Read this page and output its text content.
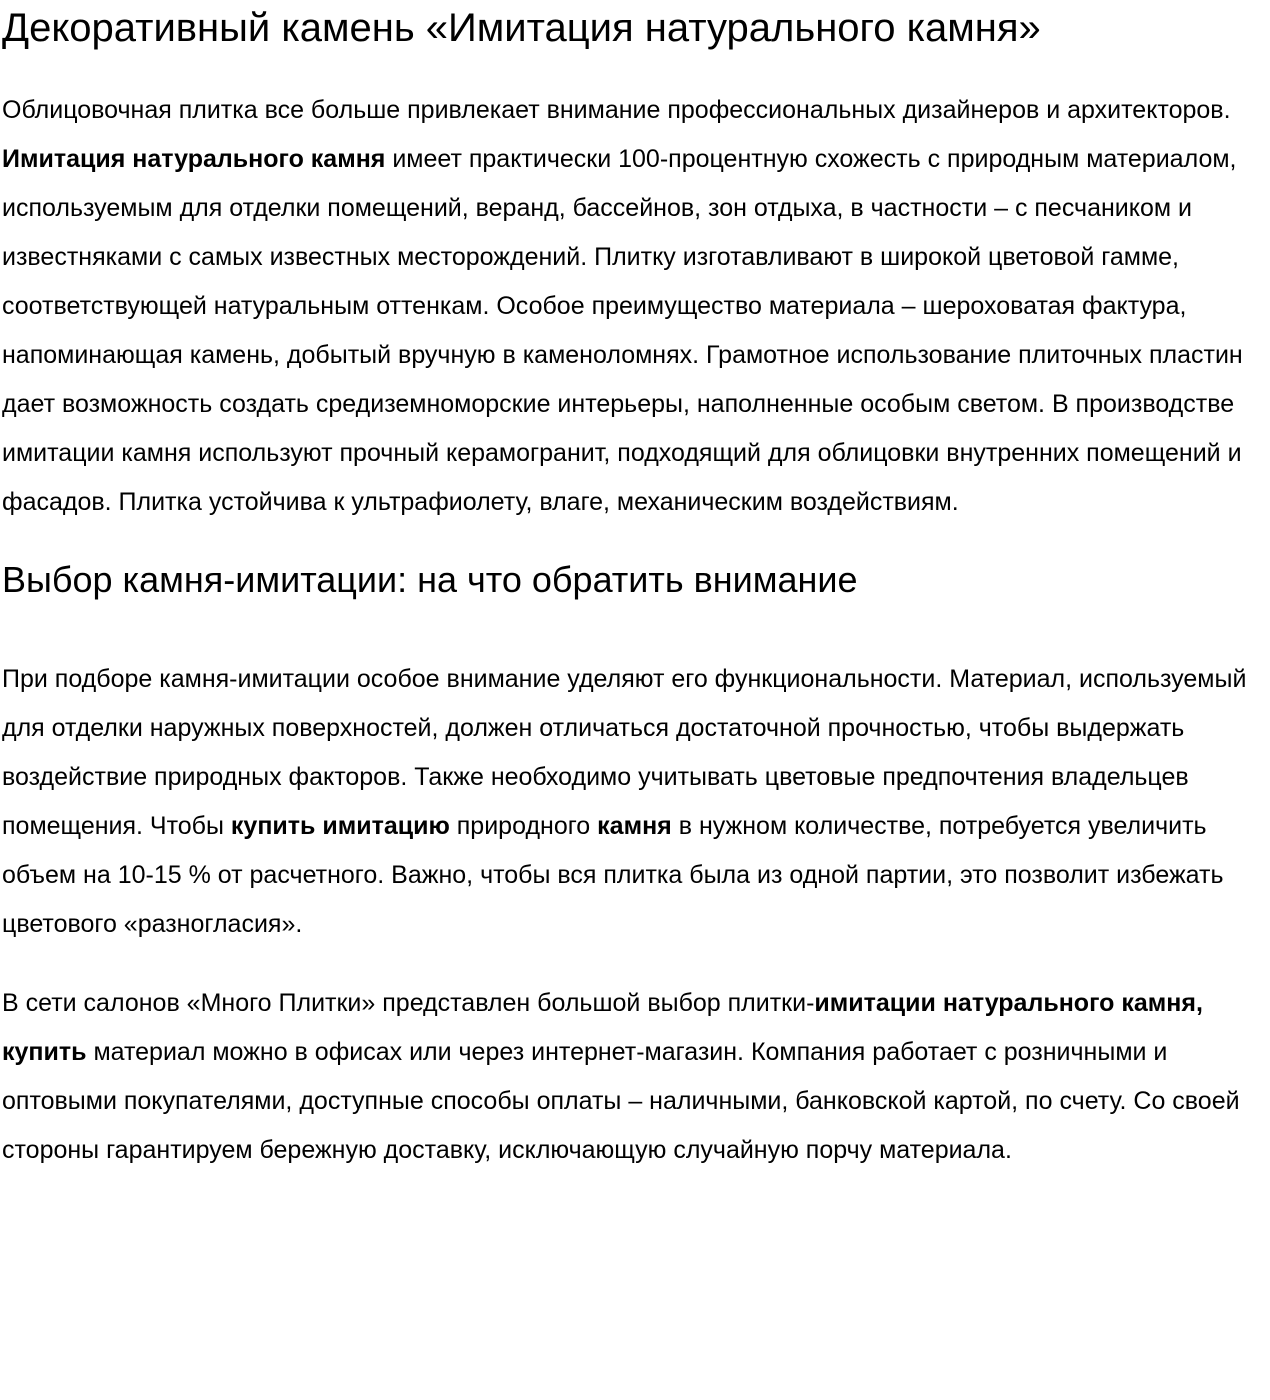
Декоративный камень «Имитация натурального камня»

Облицовочная плитка все больше привлекает внимание профессиональных дизайнеров и архитекторов. Имитация натурального камня имеет практически 100-процентную схожесть с природным материалом, используемым для отделки помещений, веранд, бассейнов, зон отдыха, в частности – с песчаником и известняками с самых известных месторождений. Плитку изготавливают в широкой цветовой гамме, соответствующей натуральным оттенкам. Особое преимущество материала – шероховатая фактура, напоминающая камень, добытый вручную в каменоломнях. Грамотное использование плиточных пластин дает возможность создать средиземноморские интерьеры, наполненные особым светом. В производстве имитации камня используют прочный керамогранит, подходящий для облицовки внутренних помещений и фасадов. Плитка устойчива к ультрафиолету, влаге, механическим воздействиям.

Выбор камня-имитации: на что обратить внимание

При подборе камня-имитации особое внимание уделяют его функциональности. Материал, используемый для отделки наружных поверхностей, должен отличаться достаточной прочностью, чтобы выдержать воздействие природных факторов. Также необходимо учитывать цветовые предпочтения владельцев помещения. Чтобы купить имитацию природного камня в нужном количестве, потребуется увеличить объем на 10-15 % от расчетного. Важно, чтобы вся плитка была из одной партии, это позволит избежать цветового «разногласия».

В сети салонов «Много Плитки» представлен большой выбор плитки-имитации натурального камня, купить материал можно в офисах или через интернет-магазин. Компания работает с розничными и оптовыми покупателями, доступные способы оплаты – наличными, банковской картой, по счету. Со своей стороны гарантируем бережную доставку, исключающую случайную порчу материала.
